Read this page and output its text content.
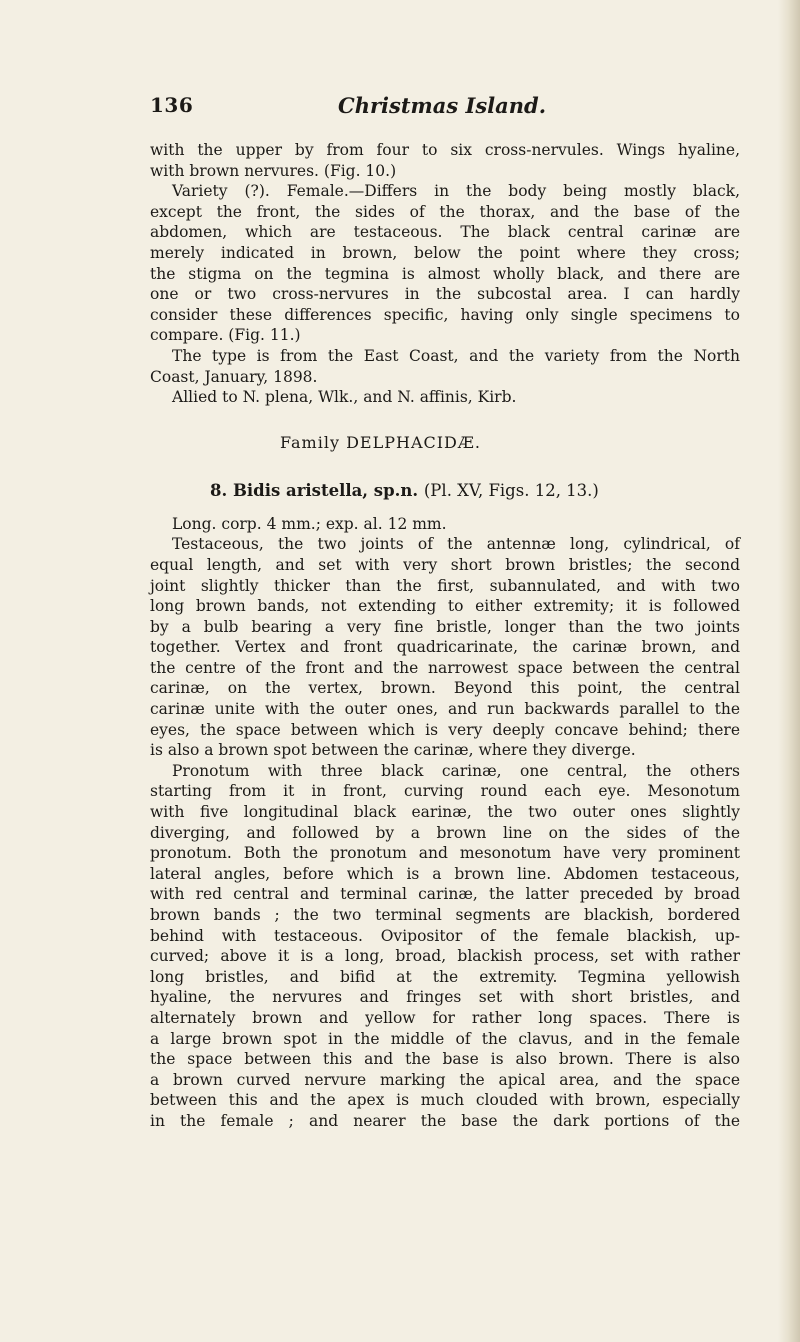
136	Christmas Island.
with the upper by from four to six cross-nervules. Wings hyaline,
with brown nervures. (Fig. 10.)
Variety (?). Female.—Differs in the body being mostly black,
except the front, the sides of the thorax, and the base of the
abdomen, which are testaceous. The black central carinæ are
merely indicated in brown, below the point where they cross;
the stigma on the tegmina is almost wholly black, and there are
one or two cross-nervures in the subcostal area. I can hardly
consider these differences specific, having only single specimens to
compare. (Fig. 11.)
The type is from the East Coast, and the variety from the North
Coast, January, 1898.
Allied to N. plena, Wlk., and N. affinis, Kirb.
Family DELPHACIDÆ.
8. Bidis aristella, sp.n. (Pl. XV, Figs. 12, 13.)
Long. corp. 4 mm.; exp. al. 12 mm.
Testaceous, the two joints of the antennæ long, cylindrical, of
equal length, and set with very short brown bristles; the second
joint slightly thicker than the first, subannulated, and with two
long brown bands, not extending to either extremity; it is followed
by a bulb bearing a very fine bristle, longer than the two joints
together. Vertex and front quadricarinate, the carinæ brown, and
the centre of the front and the narrowest space between the central
carinæ, on the vertex, brown. Beyond this point, the central
carinæ unite with the outer ones, and run backwards parallel to the
eyes, the space between which is very deeply concave behind; there
is also a brown spot between the carinæ, where they diverge.
Pronotum with three black carinæ, one central, the others
starting from it in front, curving round each eye. Mesonotum
with five longitudinal black earinæ, the two outer ones slightly
diverging, and followed by a brown line on the sides of the
pronotum. Both the pronotum and mesonotum have very prominent
lateral angles, before which is a brown line. Abdomen testaceous,
with red central and terminal carinæ, the latter preceded by broad
brown bands ; the two terminal segments are blackish, bordered
behind with testaceous. Ovipositor of the female blackish, up-
curved; above it is a long, broad, blackish process, set with rather
long bristles, and bifid at the extremity. Tegmina yellowish
hyaline, the nervures and fringes set with short bristles, and
alternately brown and yellow for rather long spaces. There is
a large brown spot in the middle of the clavus, and in the female
the space between this and the base is also brown. There is also
a brown curved nervure marking the apical area, and the space
between this and the apex is much clouded with brown, especially
in the female ; and nearer the base the dark portions of the
